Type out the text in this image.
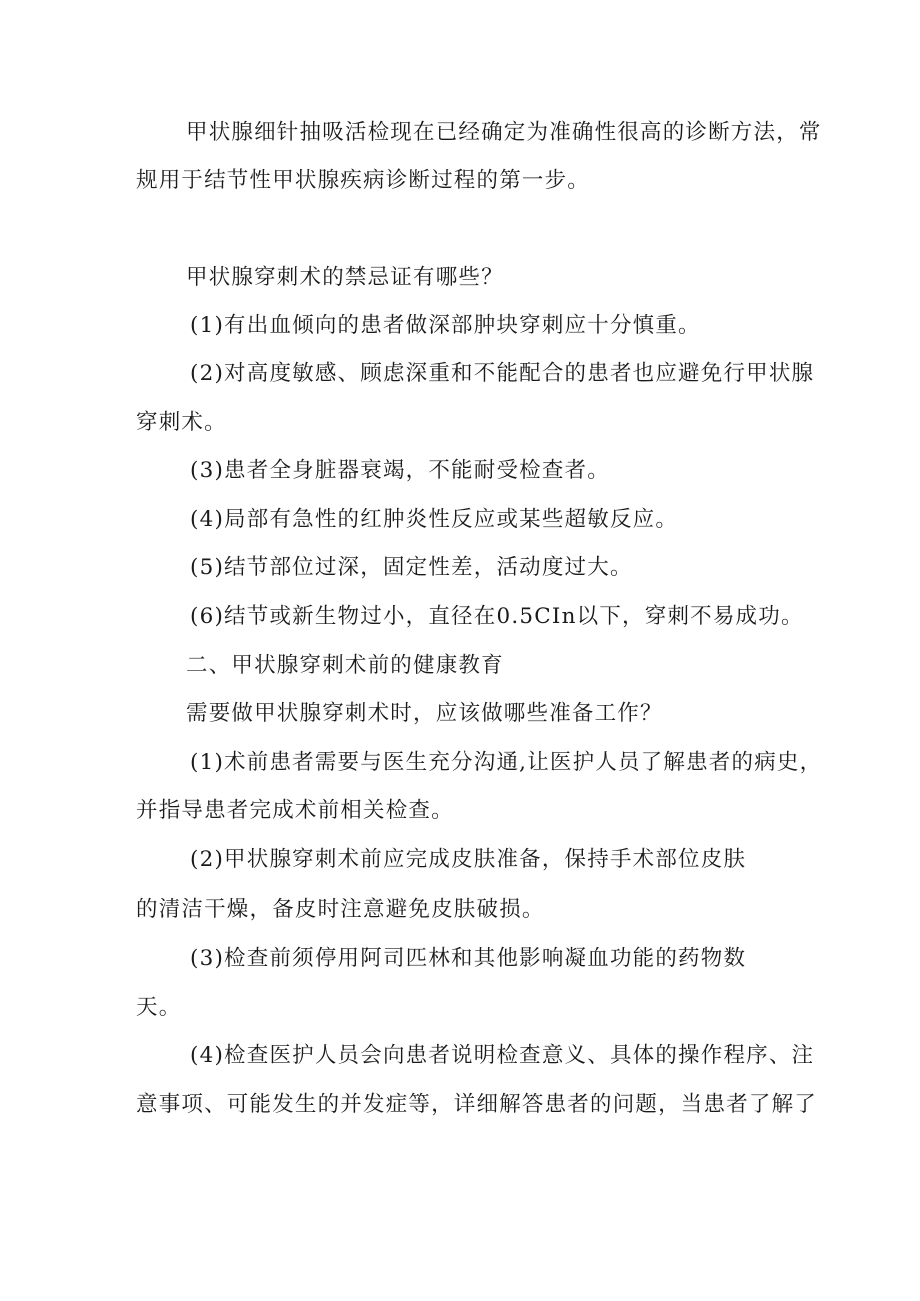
甲状腺细针抽吸活检现在已经确定为准确性很高的诊断方法，常
规用于结节性甲状腺疾病诊断过程的第一步。
甲状腺穿刺术的禁忌证有哪些？
(1)有出血倾向的患者做深部肿块穿刺应十分慎重。
(2)对高度敏感、顾虑深重和不能配合的患者也应避免行甲状腺
穿刺术。
(3)患者全身脏器衰竭，不能耐受检查者。
(4)局部有急性的红肿炎性反应或某些超敏反应。
(5)结节部位过深，固定性差，活动度过大。
(6)结节或新生物过小，直径在0.5CIn以下，穿刺不易成功。
二、甲状腺穿刺术前的健康教育
需要做甲状腺穿刺术时，应该做哪些准备工作？
(1)术前患者需要与医生充分沟通,让医护人员了解患者的病史，
并指导患者完成术前相关检查。
(2)甲状腺穿刺术前应完成皮肤准备，保持手术部位皮肤
的清洁干燥，备皮时注意避免皮肤破损。
(3)检查前须停用阿司匹林和其他影响凝血功能的药物数
天。
(4)检查医护人员会向患者说明检查意义、具体的操作程序、注
意事项、可能发生的并发症等，详细解答患者的问题，当患者了解了
